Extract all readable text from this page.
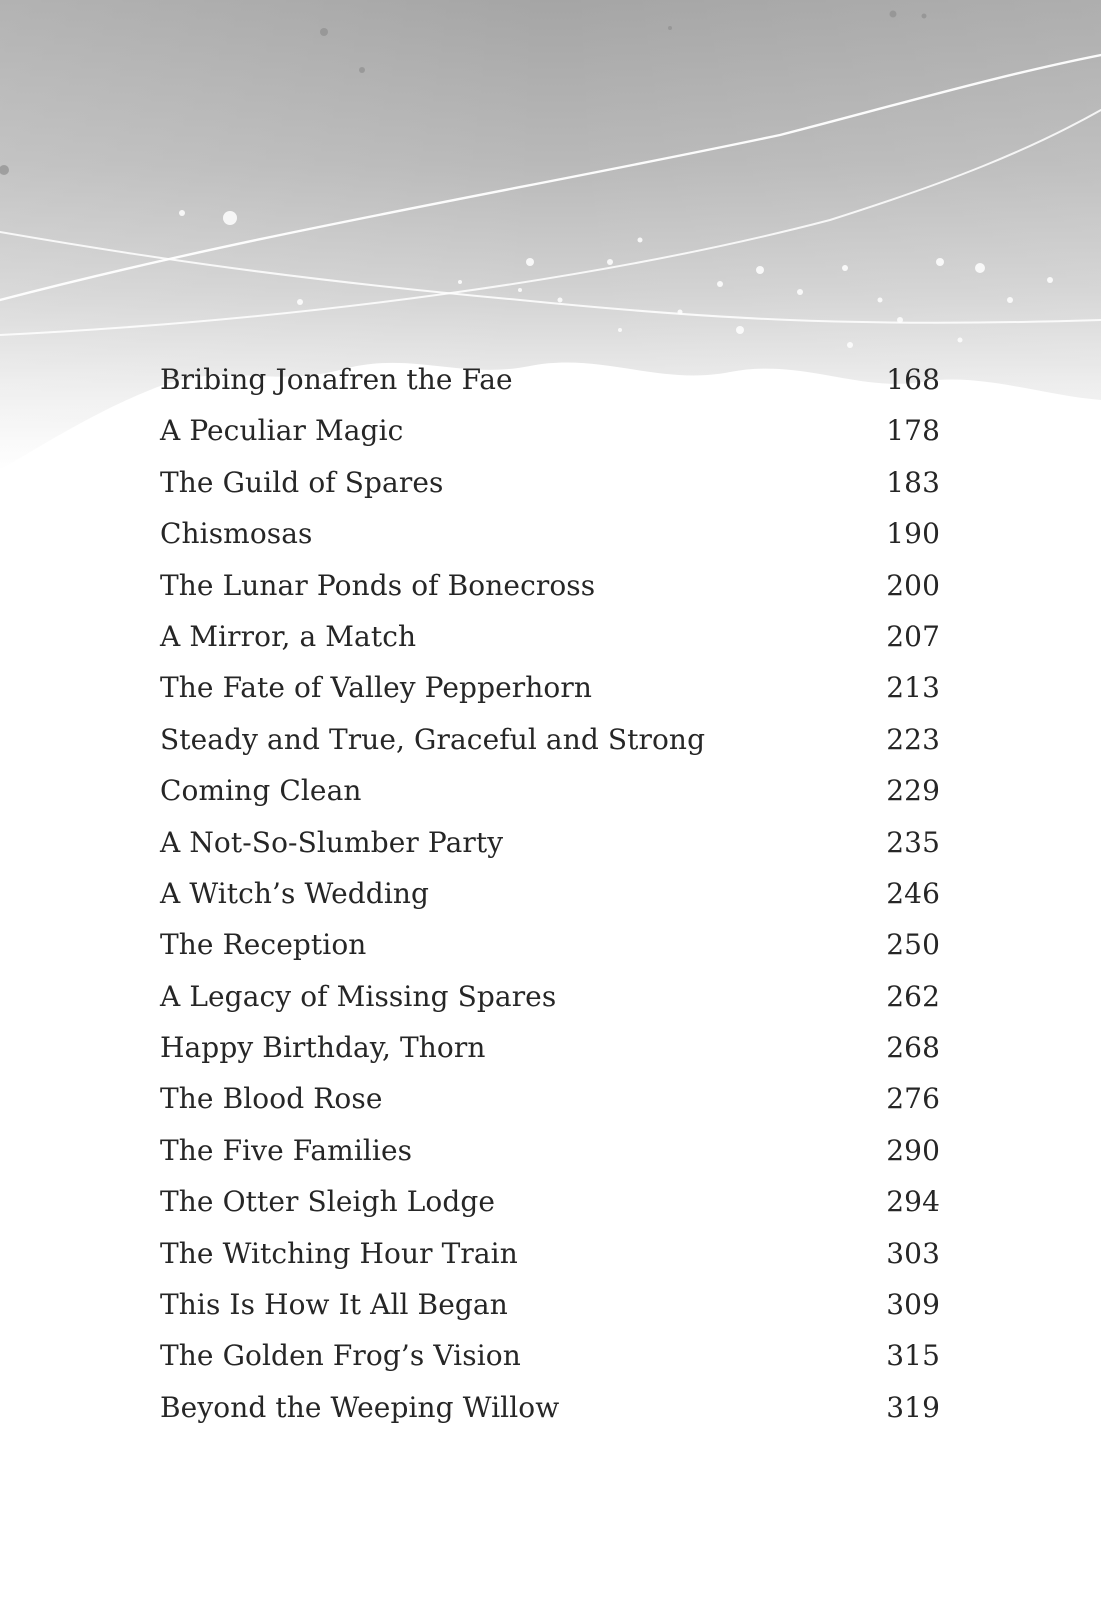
Bribing Jonafren the Fae	168
A Peculiar Magic	178
The Guild of Spares	183
Chismosas	190
The Lunar Ponds of Bonecross	200
A Mirror, a Match	207
The Fate of Valley Pepperhorn	213
Steady and True, Graceful and Strong	223
Coming Clean	229
A Not-So-Slumber Party	235
A Witch’s Wedding	246
The Reception	250
A Legacy of Missing Spares	262
Happy Birthday, Thorn	268
The Blood Rose	276
The Five Families	290
The Otter Sleigh Lodge	294
The Witching Hour Train	303
This Is How It All Began	309
The Golden Frog’s Vision	315
Beyond the Weeping Willow	319
